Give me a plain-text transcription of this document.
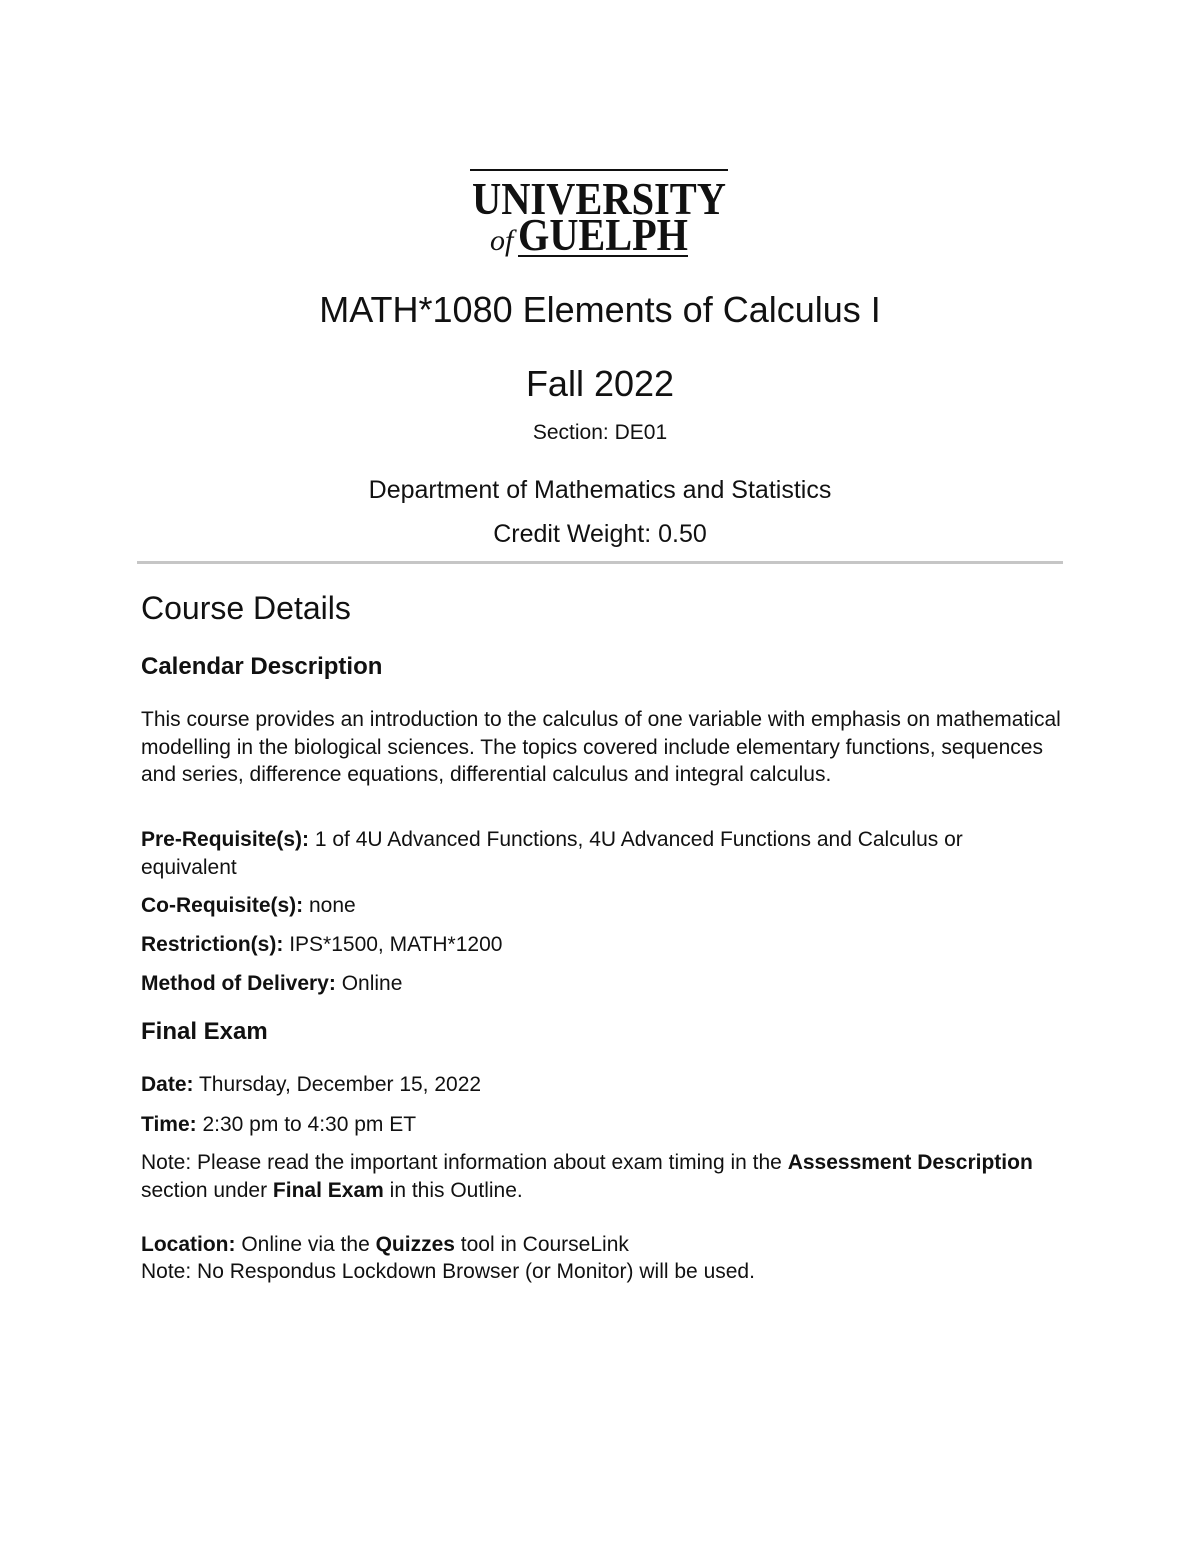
UNIVERSITY
of GUELPH
MATH*1080 Elements of Calculus I
Fall 2022
Section: DE01
Department of Mathematics and Statistics
Credit Weight: 0.50
Course Details
Calendar Description
This course provides an introduction to the calculus of one variable with emphasis on mathematical modelling in the biological sciences. The topics covered include elementary functions, sequences and series, difference equations, differential calculus and integral calculus.
Pre-Requisite(s): 1 of 4U Advanced Functions, 4U Advanced Functions and Calculus or equivalent
Co-Requisite(s): none
Restriction(s): IPS*1500, MATH*1200
Method of Delivery: Online
Final Exam
Date: Thursday, December 15, 2022
Time: 2:30 pm to 4:30 pm ET
Note: Please read the important information about exam timing in the Assessment Description section under Final Exam in this Outline.
Location: Online via the Quizzes tool in CourseLink
Note: No Respondus Lockdown Browser (or Monitor) will be used.
